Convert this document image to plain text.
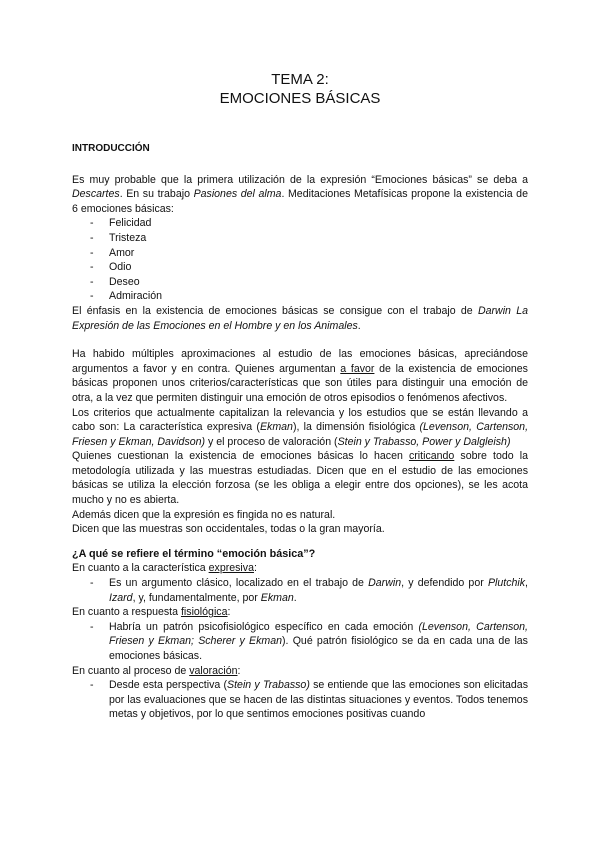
TEMA 2:
EMOCIONES BÁSICAS
INTRODUCCIÓN

Es muy probable que la primera utilización de la expresión “Emociones básicas” se deba a Descartes. En su trabajo Pasiones del alma. Meditaciones Metafísicas propone la existencia de 6 emociones básicas:

- Felicidad
- Tristeza
- Amor
- Odio
- Deseo
- Admiración

El énfasis en la existencia de emociones básicas se consigue con el trabajo de Darwin La Expresión de las Emociones en el Hombre y en los Animales.

Ha habido múltiples aproximaciones al estudio de las emociones básicas, apreciándose argumentos a favor y en contra. Quienes argumentan a favor de la existencia de emociones básicas proponen unos criterios/características que son útiles para distinguir una emoción de otra, a la vez que permiten distinguir una emoción de otros episodios o fenómenos afectivos.

Los criterios que actualmente capitalizan la relevancia y los estudios que se están llevando a cabo son: La característica expresiva (Ekman), la dimensión fisiológica (Levenson, Cartenson, Friesen y Ekman, Davidson) y el proceso de valoración (Stein y Trabasso, Power y Dalgleish)

Quienes cuestionan la existencia de emociones básicas lo hacen criticando sobre todo la metodología utilizada y las muestras estudiadas. Dicen que en el estudio de las emociones básicas se utiliza la elección forzosa (se les obliga a elegir entre dos opciones), se les acota mucho y no es abierta.

Además dicen que la expresión es fingida no es natural.

Dicen que las muestras son occidentales, todas o la gran mayoría.

¿A qué se refiere el término “emoción básica”?

En cuanto a la característica expresiva:

- Es un argumento clásico, localizado en el trabajo de Darwin, y defendido por Plutchik, Izard, y, fundamentalmente, por Ekman.

En cuanto a respuesta fisiológica:

- Habría un patrón psicofisiológico específico en cada emoción (Levenson, Cartenson, Friesen y Ekman; Scherer y Ekman). Qué patrón fisiológico se da en cada una de las emociones básicas.

En cuanto al proceso de valoración:

- Desde esta perspectiva (Stein y Trabasso) se entiende que las emociones son elicitadas por las evaluaciones que se hacen de las distintas situaciones y eventos. Todos tenemos metas y objetivos, por lo que sentimos emociones positivas cuando
